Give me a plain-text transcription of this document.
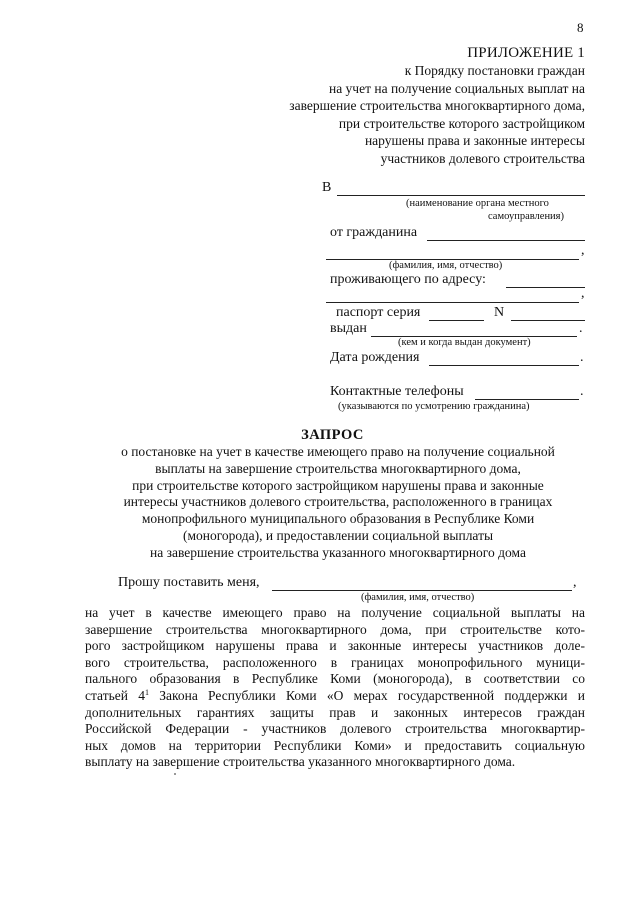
8
ПРИЛОЖЕНИЕ 1
к Порядку постановки граждан
на учет на получение социальных выплат на
завершение строительства многоквартирного дома,
при строительстве которого застройщиком
нарушены права и законные интересы
участников долевого строительства
В
(наименование органа местного
самоуправления)
от гражданина
,
(фамилия, имя, отчество)
проживающего по адресу:
,
паспорт серия	N
выдан	.
(кем и когда выдан документ)
Дата рождения	.
Контактные телефоны	.
(указываются по усмотрению гражданина)
ЗАПРОС
о постановке на учет в качестве имеющего право на получение социальной
выплаты на завершение строительства многоквартирного дома,
при строительстве которого застройщиком нарушены права и законные
интересы участников долевого строительства, расположенного в границах
монопрофильного муниципального образования в Республике Коми
(моногорода), и предоставлении социальной выплаты
на завершение строительства указанного многоквартирного дома
Прошу поставить меня,	,
(фамилия, имя, отчество)
на учет в качестве имеющего право на получение социальной выплаты на
завершение строительства многоквартирного дома, при строительстве кото-
рого застройщиком нарушены права и законные интересы участников доле-
вого строительства, расположенного в границах монопрофильного муници-
пального образования в Республике Коми (моногорода), в соответствии со
статьей $4^1$ Закона Республики Коми «О мерах государственной поддержки и
дополнительных гарантиях защиты прав и законных интересов граждан
Российской Федерации - участников долевого строительства многоквартир-
ных домов на территории Республики Коми» и предоставить социальную
выплату на завершение строительства указанного многоквартирного дома.
